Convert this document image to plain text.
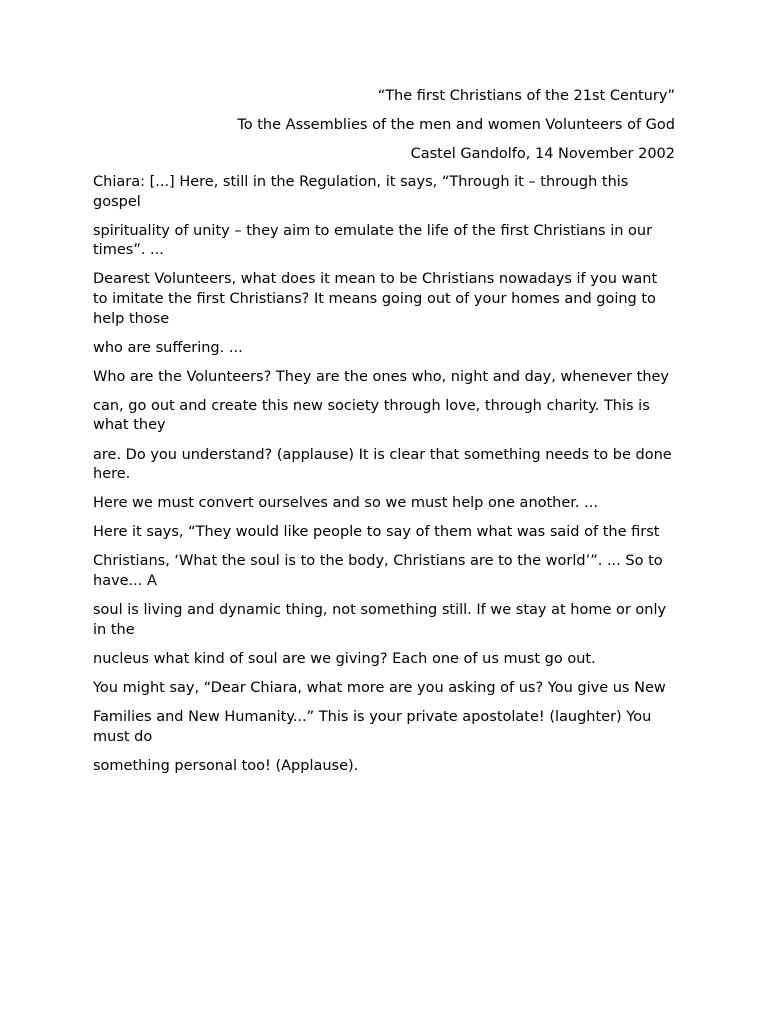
“The first Christians of the 21st Century”
To the Assemblies of the men and women Volunteers of God
Castel Gandolfo, 14 November 2002

Chiara: [...] Here, still in the Regulation, it says, “Through it – through this gospel

spirituality of unity – they aim to emulate the life of the first Christians in our times”. ...

Dearest Volunteers, what does it mean to be Christians nowadays if you want to imitate the first Christians? It means going out of your homes and going to help those

who are suffering. ...

Who are the Volunteers? They are the ones who, night and day, whenever they

can, go out and create this new society through love, through charity. This is what they

are. Do you understand? (applause) It is clear that something needs to be done here.

Here we must convert ourselves and so we must help one another. ...

Here it says, “They would like people to say of them what was said of the first

Christians, ‘What the soul is to the body, Christians are to the world’”. ... So to have... A

soul is living and dynamic thing, not something still. If we stay at home or only in the

nucleus what kind of soul are we giving? Each one of us must go out.

You might say, “Dear Chiara, what more are you asking of us? You give us New

Families and New Humanity...” This is your private apostolate! (laughter) You must do

something personal too! (Applause).
